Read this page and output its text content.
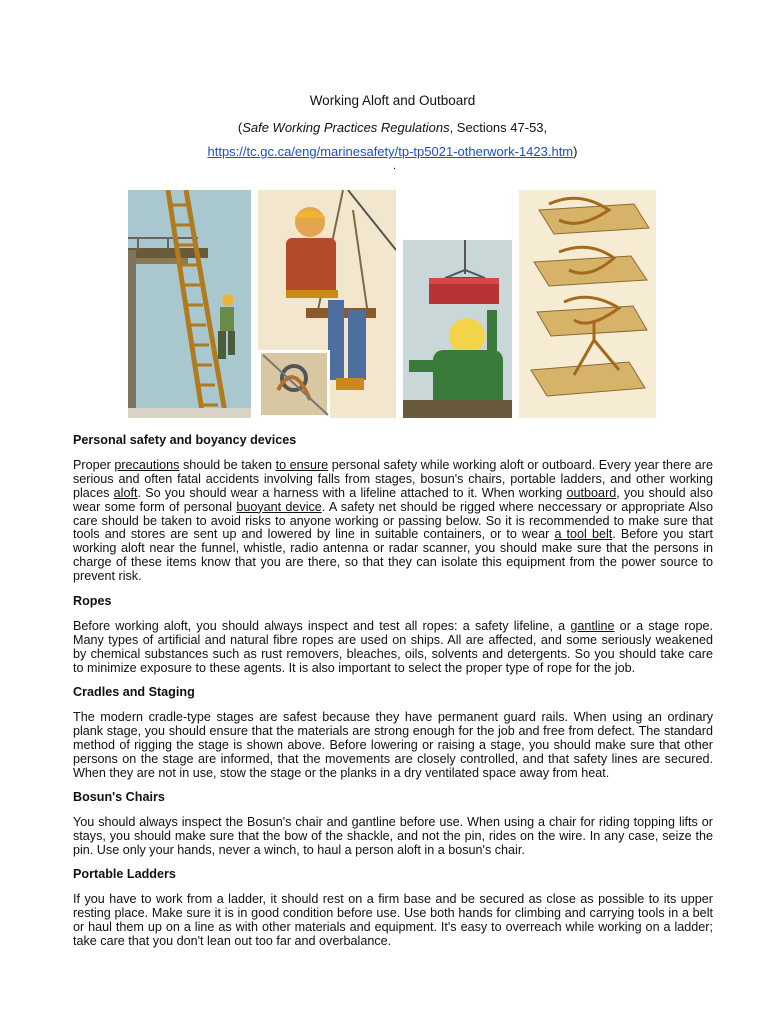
Working Aloft and Outboard
(Safe Working Practices Regulations, Sections 47-53,
https://tc.gc.ca/eng/marinesafety/tp-tp5021-otherwork-1423.htm)
.
Personal safety and boyancy devices

Proper precautions should be taken to ensure personal safety while working aloft or outboard. Every year there are serious and often fatal accidents involving falls from stages, bosun's chairs, portable ladders, and other working places aloft. So you should wear a harness with a lifeline attached to it. When working outboard, you should also wear some form of personal buoyant device. A safety net should be rigged where neccessary or appropriate Also care should be taken to avoid risks to anyone working or passing below. So it is recommended to make sure that tools and stores are sent up and lowered by line in suitable containers, or to wear a tool belt. Before you start working aloft near the funnel, whistle, radio antenna or radar scanner, you should make sure that the persons in charge of these items know that you are there, so that they can isolate this equipment from the power source to prevent risk.

Ropes

Before working aloft, you should always inspect and test all ropes: a safety lifeline, a gantline or a stage rope. Many types of artificial and natural fibre ropes are used on ships. All are affected, and some seriously weakened by chemical substances such as rust removers, bleaches, oils, solvents and detergents. So you should take care to minimize exposure to these agents. It is also important to select the proper type of rope for the job.

Cradles and Staging

The modern cradle-type stages are safest because they have permanent guard rails. When using an ordinary plank stage, you should ensure that the materials are strong enough for the job and free from defect. The standard method of rigging the stage is shown above. Before lowering or raising a stage, you should make sure that other persons on the stage are informed, that the movements are closely controlled, and that safety lines are secured. When they are not in use, stow the stage or the planks in a dry ventilated space away from heat.

Bosun's Chairs

You should always inspect the Bosun's chair and gantline before use. When using a chair for riding topping lifts or stays, you should make sure that the bow of the shackle, and not the pin, rides on the wire. In any case, seize the pin. Use only your hands, never a winch, to haul a person aloft in a bosun's chair.

Portable Ladders

If you have to work from a ladder, it should rest on a firm base and be secured as close as possible to its upper resting place. Make sure it is in good condition before use. Use both hands for climbing and carrying tools in a belt or haul them up on a line as with other materials and equipment. It's easy to overreach while working on a ladder; take care that you don't lean out too far and overbalance.
